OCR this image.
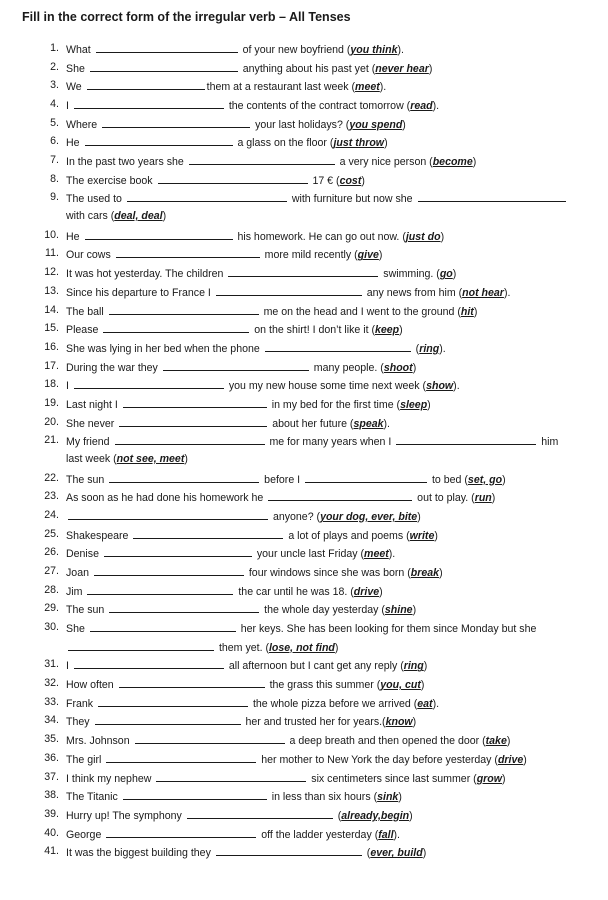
Fill in the correct form of the irregular verb – All Tenses
1. What	of your new boyfriend (you think).
2. She	anything about his past yet (never hear)
3. We	them at a restaurant last week (meet).
4. I	the contents of the contract tomorrow (read).
5. Where	your last holidays? (you spend)
6. He	a glass on the floor (just throw)
7. In the past two years she	a very nice person (become)
8. The exercise book	17 € (cost)
9. The used to	with furniture but now she
with cars (deal, deal)
10. He	his homework. He can go out now. (just do)
11. Our cows	more mild recently (give)
12. It was hot yesterday. The children	swimming. (go)
13. Since his departure to France I	any news from him (not hear).
14. The ball	me on the head and I went to the ground (hit)
15. Please	on the shirt! I don’t like it (keep)
16. She was lying in her bed when the phone	(ring).
17. During the war they	many people. (shoot)
18. I	you my new house some time next week (show).
19. Last night I	in my bed for the first time (sleep)
20. She never	about her future (speak).
21. My friend	me for many years when I	him
last week (not see, meet)
22. The sun	before I	to bed (set, go)
23. As soon as he had done his homework he	out to play. (run)
24.	anyone? (your dog, ever, bite)
25. Shakespeare	a lot of plays and poems (write)
26. Denise	your uncle last Friday (meet).
27. Joan	four windows since she was born (break)
28. Jim	the car until he was 18. (drive)
29. The sun	the whole day yesterday (shine)
30. She	her keys. She has been looking for them since Monday but she
them yet. (lose, not find)
31. I	all afternoon but I cant get any reply (ring)
32. How often	the grass this summer (you, cut)
33. Frank	the whole pizza before we arrived (eat).
34. They	her and trusted her for years.(know)
35. Mrs. Johnson	a deep breath and then opened the door (take)
36. The girl	her mother to New York the day before yesterday (drive)
37. I think my nephew	six centimeters since last summer (grow)
38. The Titanic	in less than six hours (sink)
39. Hurry up! The symphony	(already,begin)
40. George	off the ladder yesterday (fall).
41. It was the biggest building they	(ever, build)
